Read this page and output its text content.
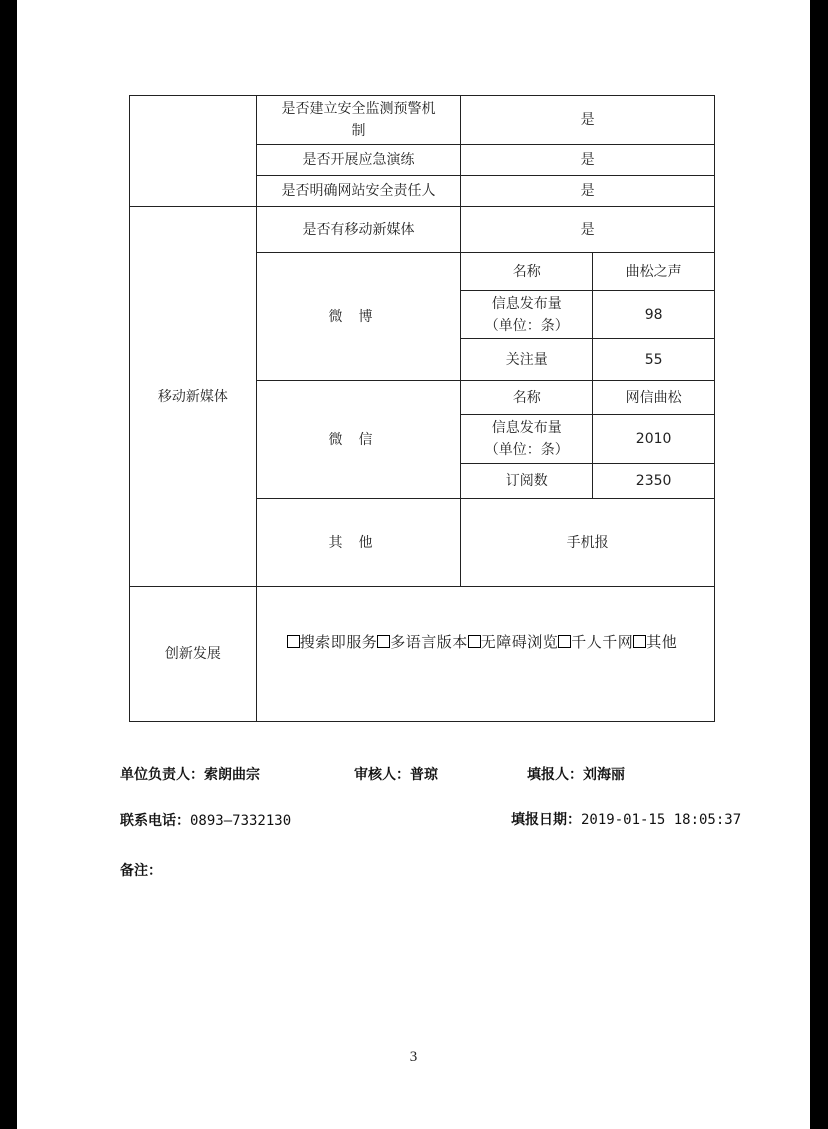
	是否建立安全监测预警机制	是	
	是否开展应急演练	是	
	是否明确网站安全责任人	是	
移动新媒体	是否有移动新媒体	是	
	微博	名称	曲松之声
		信息发布量（单位：条）	98
		关注量	55
	微信	名称	网信曲松
		信息发布量（单位：条）	2010
		订阅数	2350
	其他	手机报	
创新发展	搜索即服务 多语言版本 无障碍浏览 千人千网 其他		
单位负责人：索朗曲宗	审核人：普琼	填报人：刘海丽
联系电话：0893—7332130	填报日期：2019-01-15 18:05:37
备注：
3
